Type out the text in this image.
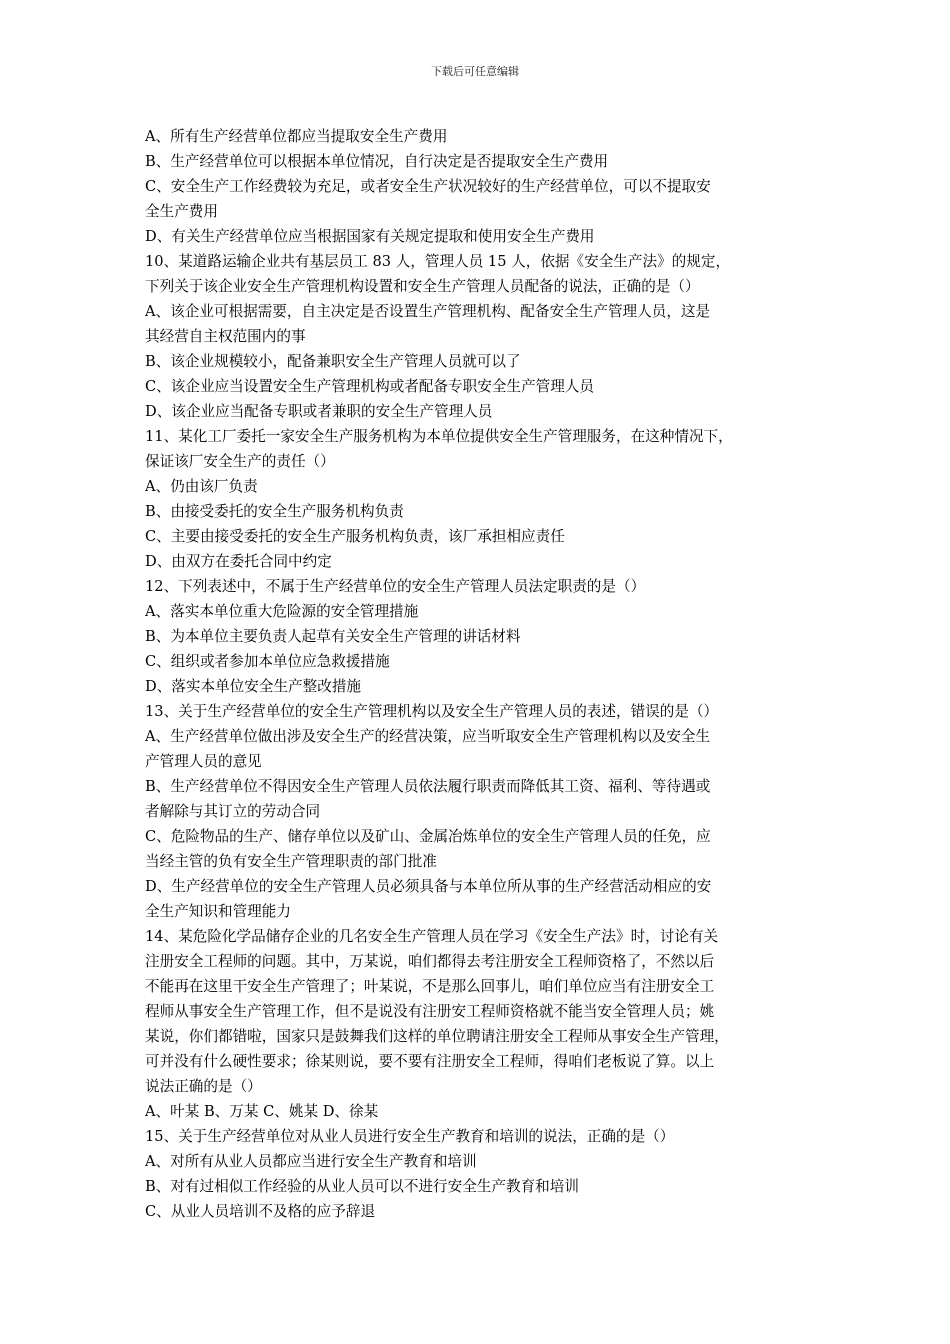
下载后可任意编辑
A、所有生产经营单位都应当提取安全生产费用
B、生产经营单位可以根据本单位情况，自行决定是否提取安全生产费用
C、安全生产工作经费较为充足，或者安全生产状况较好的生产经营单位，可以不提取安
全生产费用
D、有关生产经营单位应当根据国家有关规定提取和使用安全生产费用
10、某道路运输企业共有基层员工 83 人，管理人员 15 人，依据《安全生产法》的规定，
下列关于该企业安全生产管理机构设置和安全生产管理人员配备的说法，正确的是（）
A、该企业可根据需要，自主决定是否设置生产管理机构、配备安全生产管理人员，这是
其经营自主权范围内的事
B、该企业规模较小，配备兼职安全生产管理人员就可以了
C、该企业应当设置安全生产管理机构或者配备专职安全生产管理人员
D、该企业应当配备专职或者兼职的安全生产管理人员
11、某化工厂委托一家安全生产服务机构为本单位提供安全生产管理服务，在这种情况下，
保证该厂安全生产的责任（）
A、仍由该厂负责
B、由接受委托的安全生产服务机构负责
C、主要由接受委托的安全生产服务机构负责，该厂承担相应责任
D、由双方在委托合同中约定
12、下列表述中，不属于生产经营单位的安全生产管理人员法定职责的是（）
A、落实本单位重大危险源的安全管理措施
B、为本单位主要负责人起草有关安全生产管理的讲话材料
C、组织或者参加本单位应急救援措施
D、落实本单位安全生产整改措施
13、关于生产经营单位的安全生产管理机构以及安全生产管理人员的表述，错误的是（）
A、生产经营单位做出涉及安全生产的经营决策，应当听取安全生产管理机构以及安全生
产管理人员的意见
B、生产经营单位不得因安全生产管理人员依法履行职责而降低其工资、福利、等待遇或
者解除与其订立的劳动合同
C、危险物品的生产、储存单位以及矿山、金属冶炼单位的安全生产管理人员的任免，应
当经主管的负有安全生产管理职责的部门批准
D、生产经营单位的安全生产管理人员必须具备与本单位所从事的生产经营活动相应的安
全生产知识和管理能力
14、某危险化学品储存企业的几名安全生产管理人员在学习《安全生产法》时，讨论有关
注册安全工程师的问题。其中，万某说，咱们都得去考注册安全工程师资格了，不然以后
不能再在这里干安全生产管理了；叶某说，不是那么回事儿，咱们单位应当有注册安全工
程师从事安全生产管理工作，但不是说没有注册安工程师资格就不能当安全管理人员；姚
某说，你们都错啦，国家只是鼓舞我们这样的单位聘请注册安全工程师从事安全生产管理，
可并没有什么硬性要求；徐某则说，要不要有注册安全工程师，得咱们老板说了算。以上
说法正确的是（）
A、叶某 B、万某 C、姚某 D、徐某
15、关于生产经营单位对从业人员进行安全生产教育和培训的说法，正确的是（）
A、对所有从业人员都应当进行安全生产教育和培训
B、对有过相似工作经验的从业人员可以不进行安全生产教育和培训
C、从业人员培训不及格的应予辞退
